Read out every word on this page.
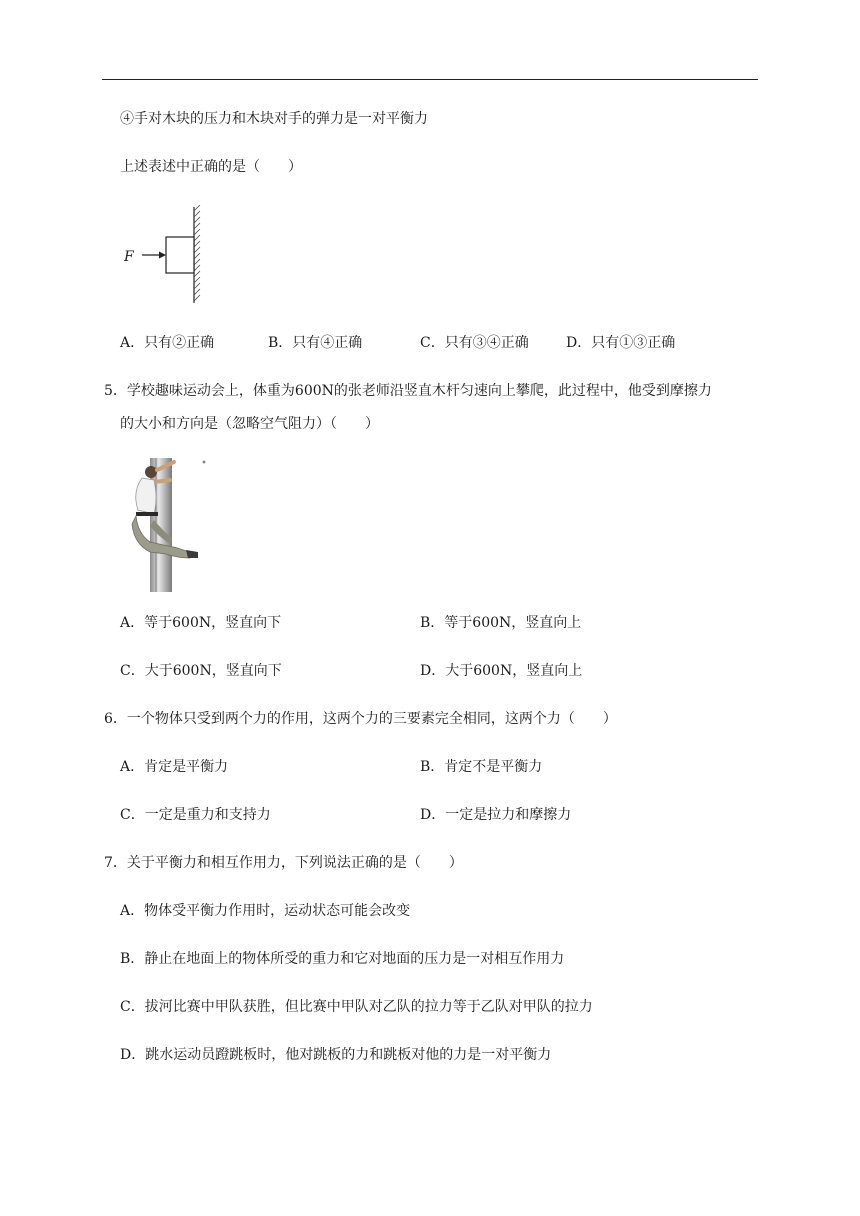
④手对木块的压力和木块对手的弹力是一对平衡力
上述表述中正确的是（　　）
F
A．只有②正确	B．只有④正确	C．只有③④正确	D．只有①③正确
5．学校趣味运动会上，体重为600N的张老师沿竖直木杆匀速向上攀爬，此过程中，他受到摩擦力
的大小和方向是（忽略空气阻力）（　　）
A．等于600N，竖直向下	B．等于600N，竖直向上
C．大于600N，竖直向下	D．大于600N，竖直向上
6．一个物体只受到两个力的作用，这两个力的三要素完全相同，这两个力（　　）
A．肯定是平衡力	B．肯定不是平衡力
C．一定是重力和支持力	D．一定是拉力和摩擦力
7．关于平衡力和相互作用力，下列说法正确的是（　　）
A．物体受平衡力作用时，运动状态可能会改变
B．静止在地面上的物体所受的重力和它对地面的压力是一对相互作用力
C．拔河比赛中甲队获胜，但比赛中甲队对乙队的拉力等于乙队对甲队的拉力
D．跳水运动员蹬跳板时，他对跳板的力和跳板对他的力是一对平衡力
